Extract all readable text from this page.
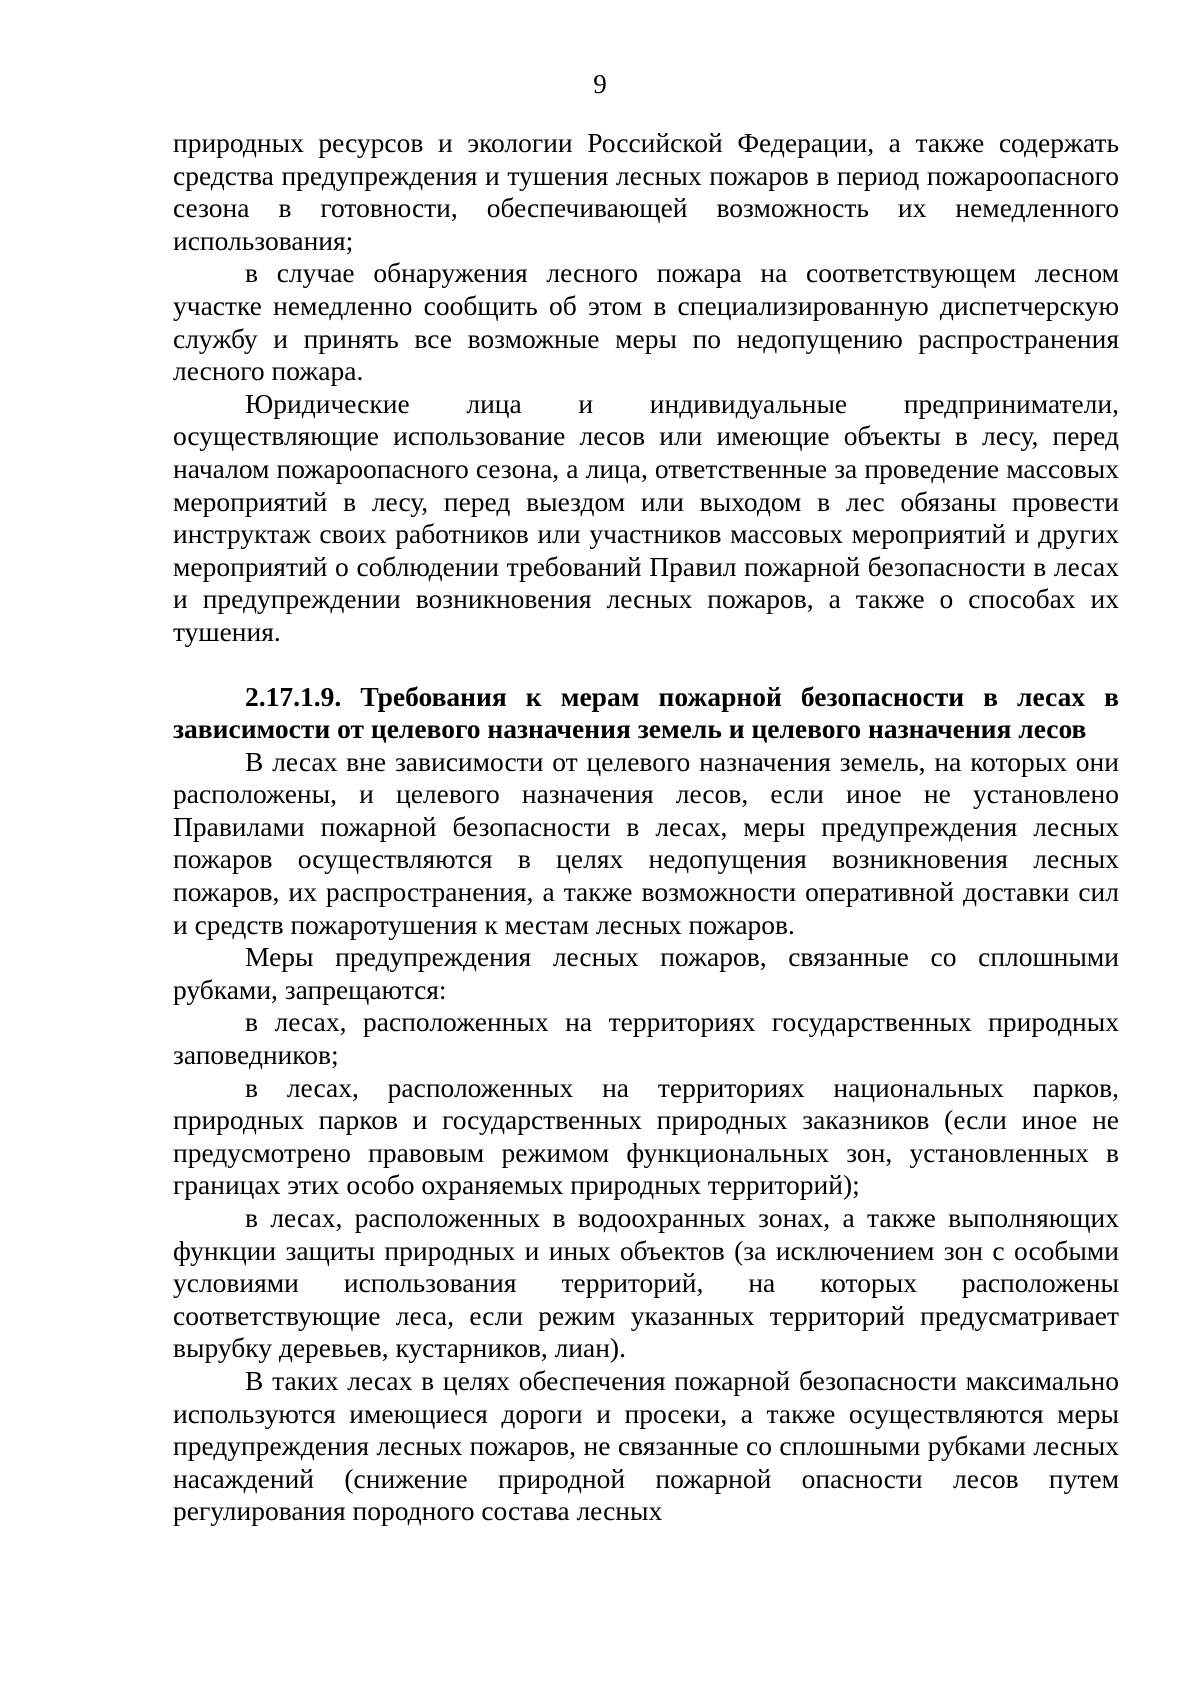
9

природных ресурсов и экологии Российской Федерации, а также содержать средства предупреждения и тушения лесных пожаров в период пожароопасного сезона в готовности, обеспечивающей возможность их немедленного использования;

в случае обнаружения лесного пожара на соответствующем лесном участке немедленно сообщить об этом в специализированную диспетчерскую службу и принять все возможные меры по недопущению распространения лесного пожара.

Юридические лица и индивидуальные предприниматели, осуществляющие использование лесов или имеющие объекты в лесу, перед началом пожароопасного сезона, а лица, ответственные за проведение массовых мероприятий в лесу, перед выездом или выходом в лес обязаны провести инструктаж своих работников или участников массовых мероприятий и других мероприятий о соблюдении требований Правил пожарной безопасности в лесах и предупреждении возникновения лесных пожаров, а также о способах их тушения.

2.17.1.9. Требования к мерам пожарной безопасности в лесах в зависимости от целевого назначения земель и целевого назначения лесов

В лесах вне зависимости от целевого назначения земель, на которых они расположены, и целевого назначения лесов, если иное не установлено Правилами пожарной безопасности в лесах, меры предупреждения лесных пожаров осуществляются в целях недопущения возникновения лесных пожаров, их распространения, а также возможности оперативной доставки сил и средств пожаротушения к местам лесных пожаров.

Меры предупреждения лесных пожаров, связанные со сплошными рубками, запрещаются:

в лесах, расположенных на территориях государственных природных заповедников;

в лесах, расположенных на территориях национальных парков, природных парков и государственных природных заказников (если иное не предусмотрено правовым режимом функциональных зон, установленных в границах этих особо охраняемых природных территорий);

в лесах, расположенных в водоохранных зонах, а также выполняющих функции защиты природных и иных объектов (за исключением зон с особыми условиями использования территорий, на которых расположены соответствующие леса, если режим указанных территорий предусматривает вырубку деревьев, кустарников, лиан).

В таких лесах в целях обеспечения пожарной безопасности максимально используются имеющиеся дороги и просеки, а также осуществляются меры предупреждения лесных пожаров, не связанные со сплошными рубками лесных насаждений (снижение природной пожарной опасности лесов путем регулирования породного состава лесных
